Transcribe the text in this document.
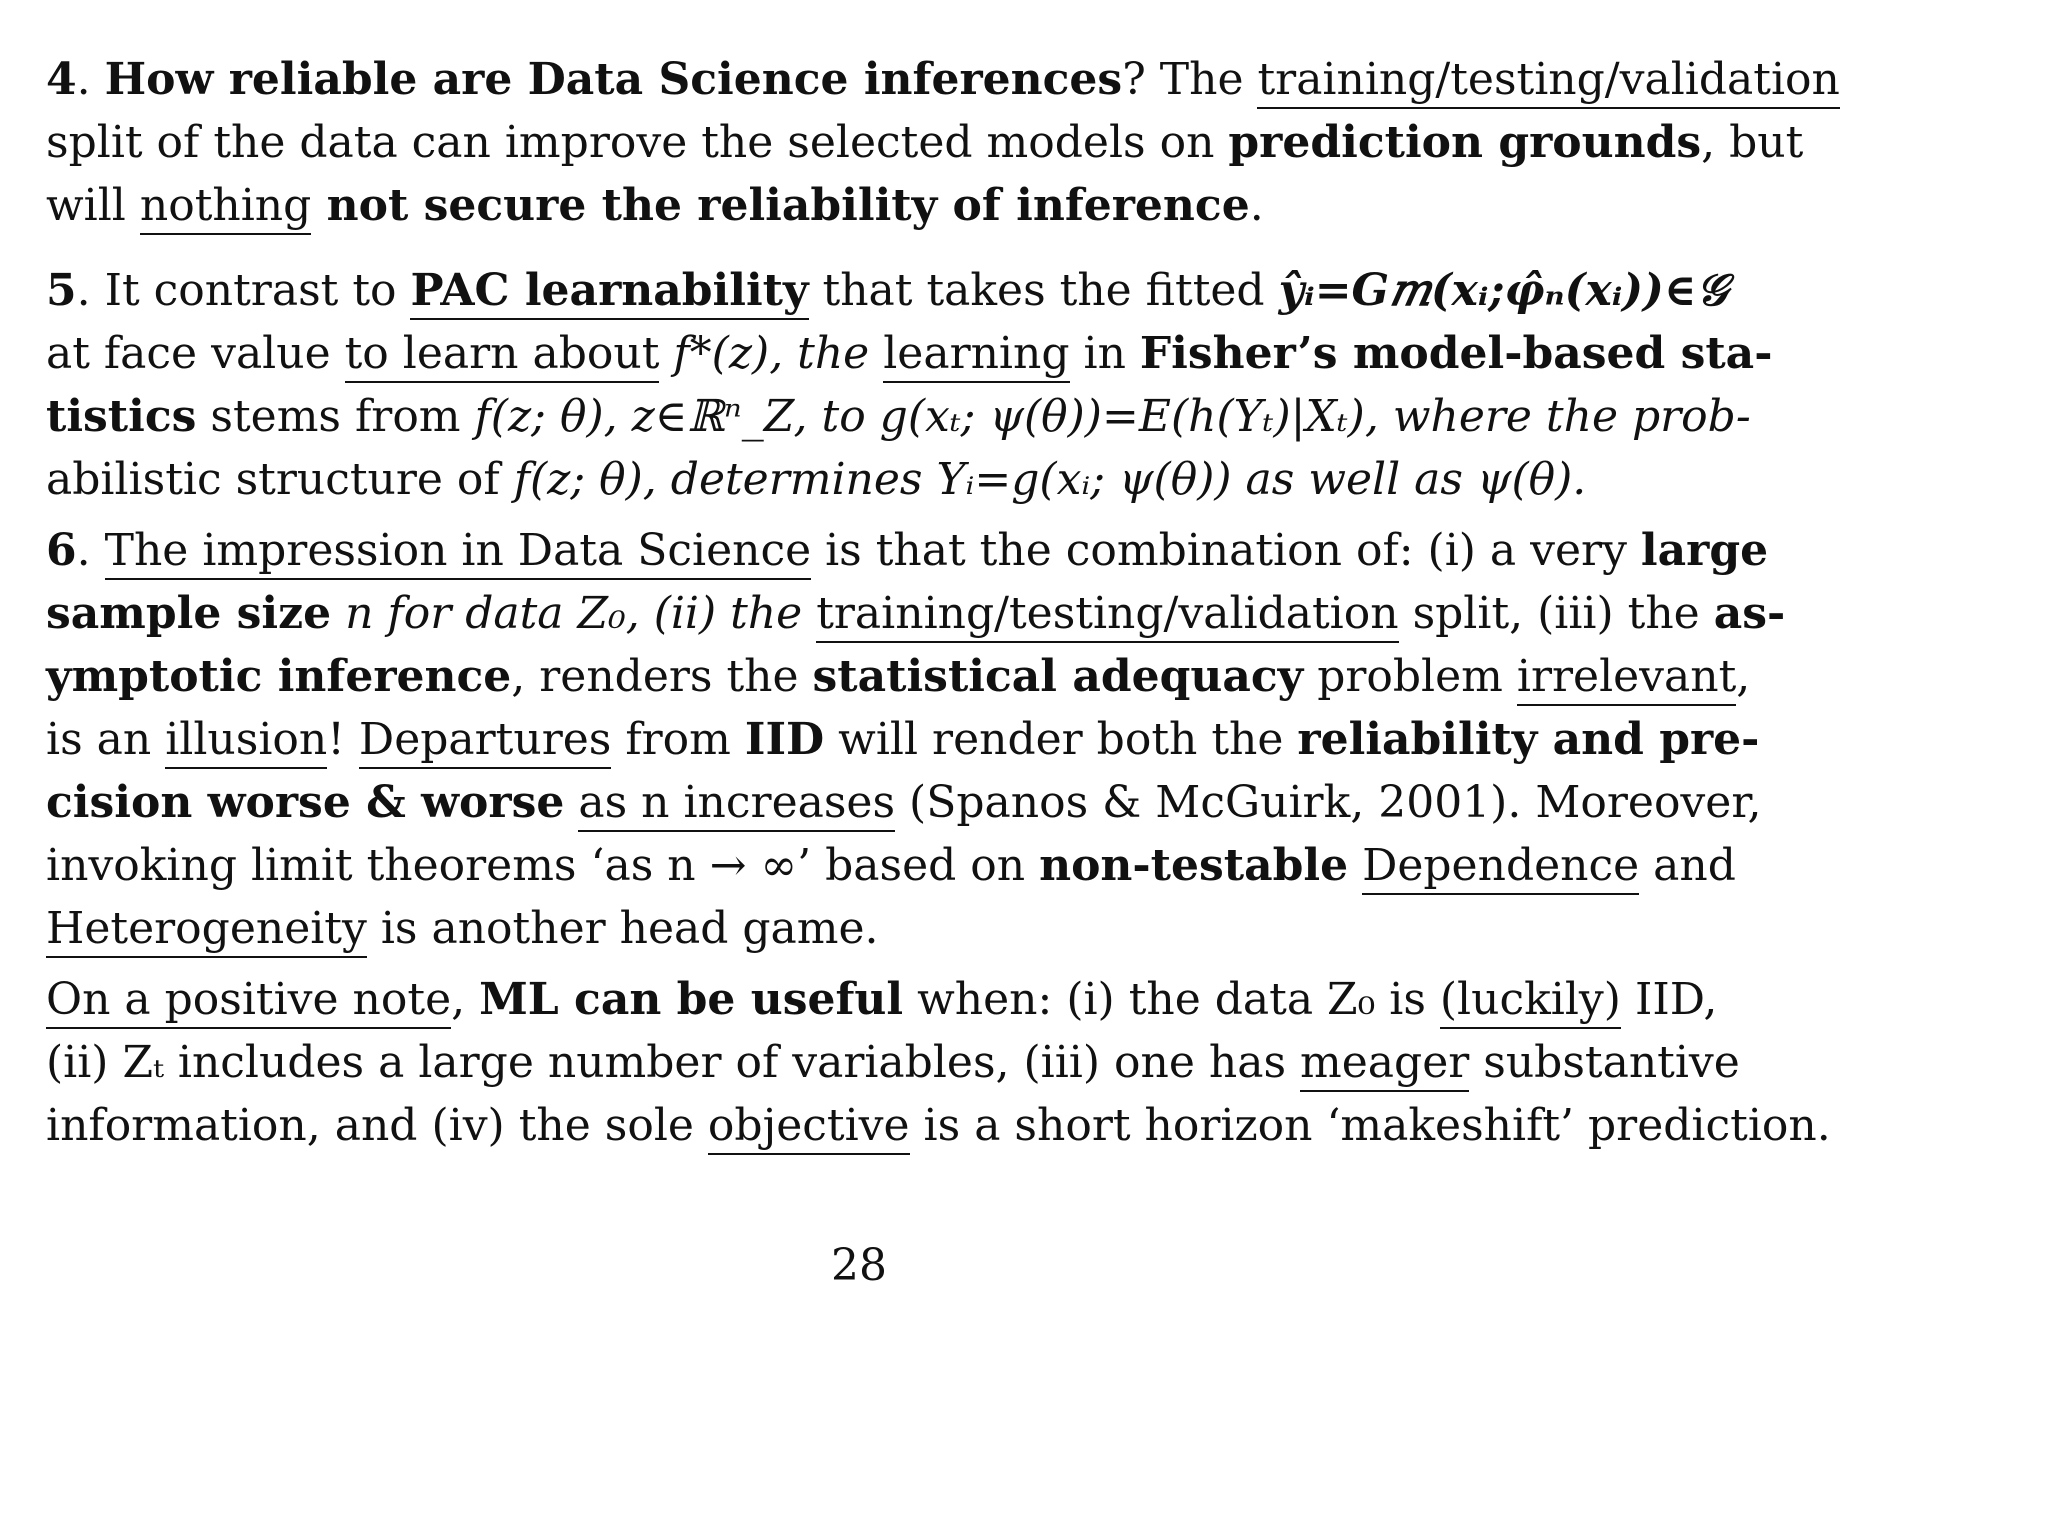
4. How reliable are Data Science inferences? The training/testing/validation
split of the data can improve the selected models on prediction grounds, but
will nothing not secure the reliability of inference.
5. It contrast to PAC learnability that takes the fitted ŷᵢ=G𝑚(xᵢ;φ̂ₙ(xᵢ))∈𝒢
at face value to learn about f*(z), the learning in Fisher’s model-based sta-
tistics stems from f(z; θ), z∈ℝⁿ_Z, to g(xₜ; ψ(θ))=E(h(Yₜ)|Xₜ), where the prob-
abilistic structure of f(z; θ), determines Yᵢ=g(xᵢ; ψ(θ)) as well as ψ(θ).
6. The impression in Data Science is that the combination of: (i) a very large
sample size n for data Z₀, (ii) the training/testing/validation split, (iii) the as-
ymptotic inference, renders the statistical adequacy problem irrelevant,
is an illusion! Departures from IID will render both the reliability and pre-
cision worse & worse as n increases (Spanos & McGuirk, 2001). Moreover,
invoking limit theorems ‘as n → ∞’ based on non-testable Dependence and
Heterogeneity is another head game.
On a positive note, ML can be useful when: (i) the data Z₀ is (luckily) IID,
(ii) Zₜ includes a large number of variables, (iii) one has meager substantive
information, and (iv) the sole objective is a short horizon ‘makeshift’ prediction.
28
